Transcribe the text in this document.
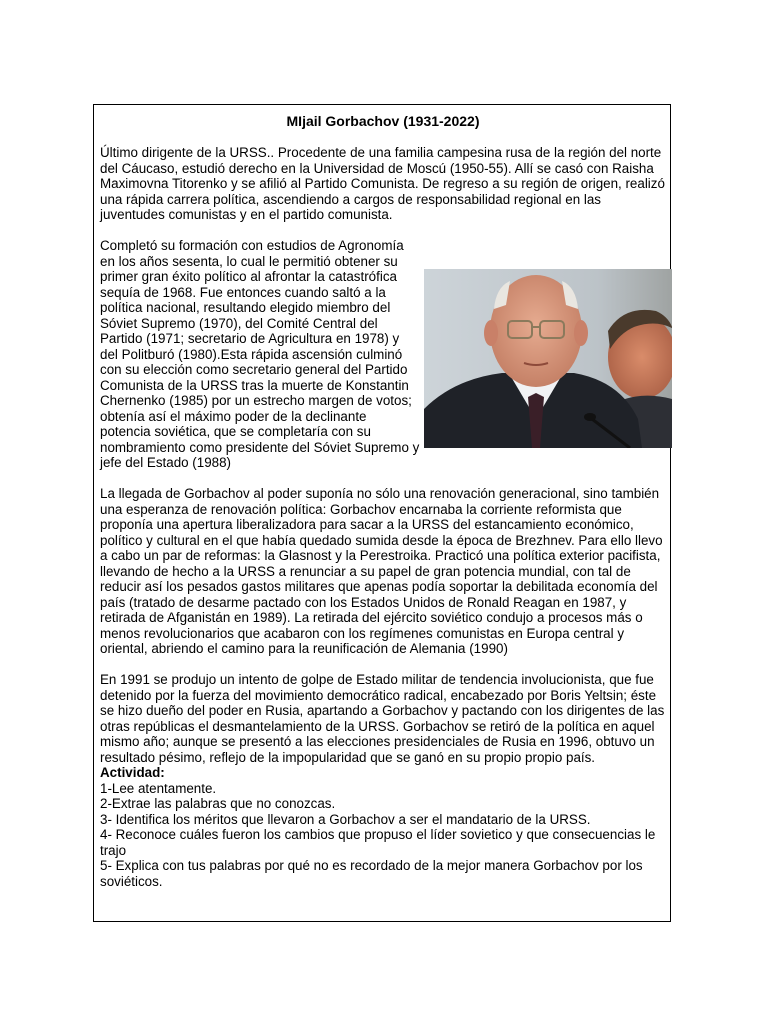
MIjail Gorbachov (1931-2022)

Último dirigente de la URSS.. Procedente de una familia campesina rusa de la región del norte del Cáucaso, estudió derecho en la Universidad de Moscú (1950-55). Allí se casó con Raisha Maximovna Titorenko y se afilió al Partido Comunista. De regreso a su región de origen, realizó una rápida carrera política, ascendiendo a cargos de responsabilidad regional en las juventudes comunistas y en el partido comunista.

Completó su formación con estudios de Agronomía en los años sesenta, lo cual le permitió obtener su primer gran éxito político al afrontar la catastrófica sequía de 1968. Fue entonces cuando saltó a la política nacional, resultando elegido miembro del Sóviet Supremo (1970), del Comité Central del Partido (1971; secretario de Agricultura en 1978) y del Politburó (1980).Esta rápida ascensión culminó con su elección como secretario general del Partido Comunista de la URSS tras la muerte de Konstantin Chernenko (1985) por un estrecho margen de votos; obtenía así el máximo poder de la declinante potencia soviética, que se completaría con su nombramiento como presidente del Sóviet Supremo y jefe del Estado (1988)

La llegada de Gorbachov al poder suponía no sólo una renovación generacional, sino también una esperanza de renovación política: Gorbachov encarnaba la corriente reformista que proponía una apertura liberalizadora para sacar a la URSS del estancamiento económico, político y cultural en el que había quedado sumida desde la época de Brezhnev. Para ello llevo a cabo un par de reformas: la Glasnost y la Perestroika. Practicó una política exterior pacifista, llevando de hecho a la URSS a renunciar a su papel de gran potencia mundial, con tal de reducir así los pesados gastos militares que apenas podía soportar la debilitada economía del país (tratado de desarme pactado con los Estados Unidos de Ronald Reagan en 1987, y retirada de Afganistán en 1989). La retirada del ejército soviético condujo a procesos más o menos revolucionarios que acabaron con los regímenes comunistas en Europa central y oriental, abriendo el camino para la reunificación de Alemania (1990)

En 1991 se produjo un intento de golpe de Estado militar de tendencia involucionista, que fue detenido por la fuerza del movimiento democrático radical, encabezado por Boris Yeltsin; éste se hizo dueño del poder en Rusia, apartando a Gorbachov y pactando con los dirigentes de las otras repúblicas el desmantelamiento de la URSS. Gorbachov se retiró de la política en aquel mismo año; aunque se presentó a las elecciones presidenciales de Rusia en 1996, obtuvo un resultado pésimo, reflejo de la impopularidad que se ganó en su propio propio país.

Actividad:
1-Lee atentamente.
2-Extrae las palabras que no conozcas.
3- Identifica los méritos que llevaron a Gorbachov a ser el mandatario de la URSS.
4- Reconoce cuáles fueron los cambios que propuso el líder sovietico y que consecuencias le trajo
5- Explica con tus palabras por qué no es recordado de la mejor manera Gorbachov por los soviéticos.
